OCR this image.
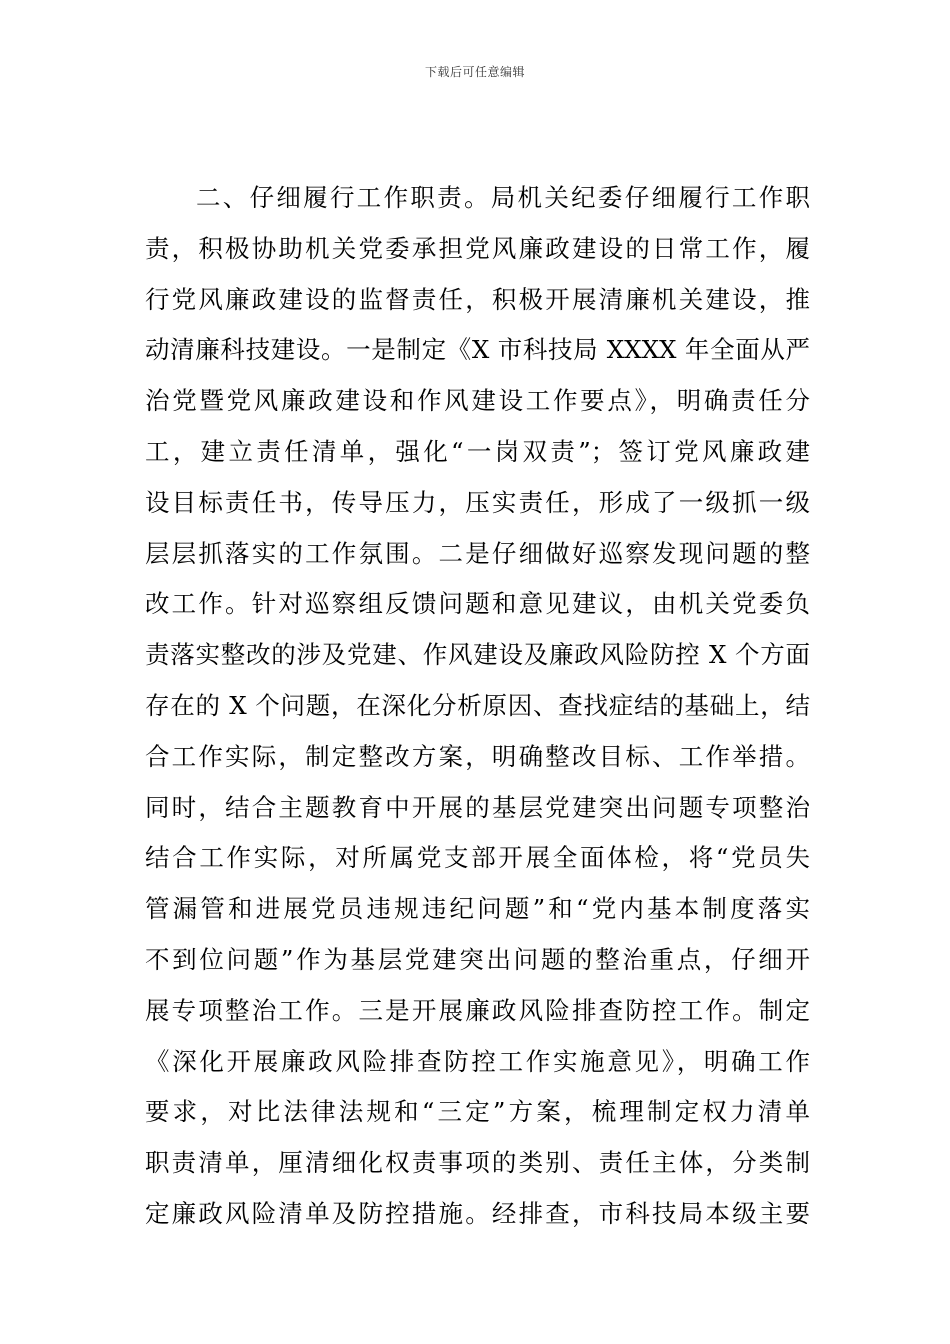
下载后可任意编辑
二、仔细履行工作职责。局机关纪委仔细履行工作职
责，积极协助机关党委承担党风廉政建设的日常工作，履
行党风廉政建设的监督责任，积极开展清廉机关建设，推
动清廉科技建设。一是制定《X 市科技局 XXXX 年全面从严
治党暨党风廉政建设和作风建设工作要点》，明确责任分
工，建立责任清单，强化“一岗双责”；签订党风廉政建
设目标责任书，传导压力，压实责任，形成了一级抓一级
层层抓落实的工作氛围。二是仔细做好巡察发现问题的整
改工作。针对巡察组反馈问题和意见建议，由机关党委负
责落实整改的涉及党建、作风建设及廉政风险防控 X 个方面
存在的 X 个问题，在深化分析原因、查找症结的基础上，结
合工作实际，制定整改方案，明确整改目标、工作举措。
同时，结合主题教育中开展的基层党建突出问题专项整治
结合工作实际，对所属党支部开展全面体检，将“党员失
管漏管和进展党员违规违纪问题”和“党内基本制度落实
不到位问题”作为基层党建突出问题的整治重点，仔细开
展专项整治工作。三是开展廉政风险排查防控工作。制定
《深化开展廉政风险排查防控工作实施意见》，明确工作
要求，对比法律法规和“三定”方案，梳理制定权力清单
职责清单，厘清细化权责事项的类别、责任主体，分类制
定廉政风险清单及防控措施。经排查，市科技局本级主要
